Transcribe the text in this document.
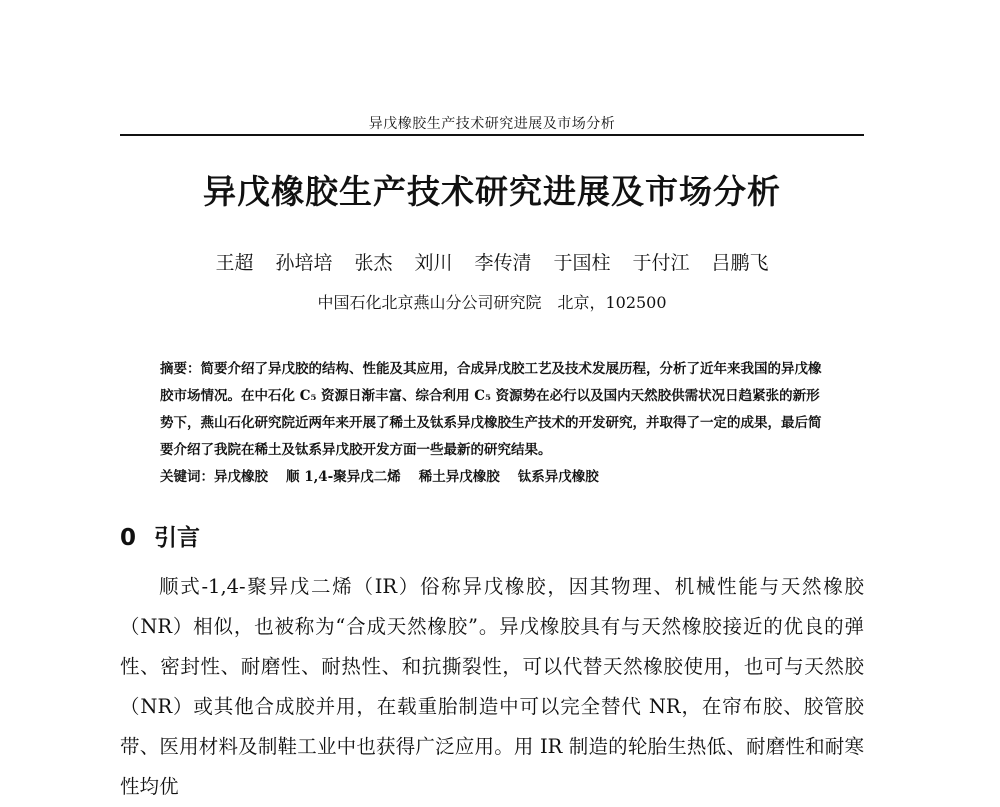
异戊橡胶生产技术研究进展及市场分析
异戊橡胶生产技术研究进展及市场分析
王超 孙培培 张杰 刘川 李传清 于国柱 于付江 吕鹏飞
中国石化北京燕山分公司研究院　北京，102500

摘要：简要介绍了异戊胶的结构、性能及其应用，合成异戊胶工艺及技术发展历程，分析了近年来我国的异戊橡胶市场情况。在中石化 C₅ 资源日渐丰富、综合利用 C₅ 资源势在必行以及国内天然胶供需状况日趋紧张的新形势下，燕山石化研究院近两年来开展了稀土及钛系异戊橡胶生产技术的开发研究，并取得了一定的成果，最后简要介绍了我院在稀土及钛系异戊胶开发方面一些最新的研究结果。

关键词：异戊橡胶 顺 1,4-聚异戊二烯 稀土异戊橡胶 钛系异戊橡胶

0 引言

顺式-1,4-聚异戊二烯（IR）俗称异戊橡胶，因其物理、机械性能与天然橡胶（NR）相似，也被称为“合成天然橡胶”。异戊橡胶具有与天然橡胶接近的优良的弹性、密封性、耐磨性、耐热性、和抗撕裂性，可以代替天然橡胶使用，也可与天然胶（NR）或其他合成胶并用，在载重胎制造中可以完全替代 NR，在帘布胶、胶管胶带、医用材料及制鞋工业中也获得广泛应用。用 IR 制造的轮胎生热低、耐磨性和耐寒性均优
